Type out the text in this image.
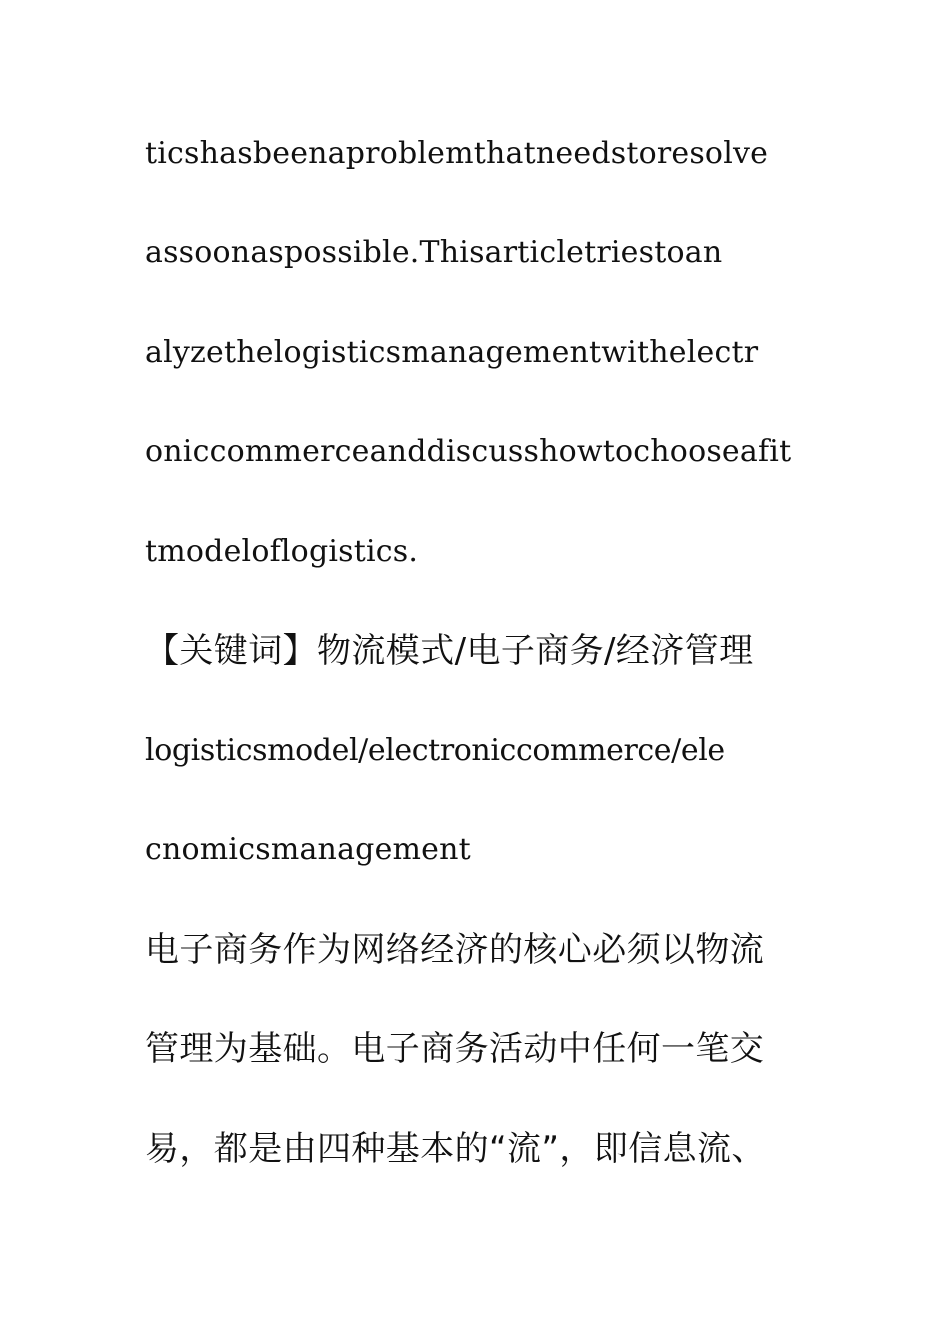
ticshasbeenaproblemthatneedstoresolve

assoonaspossible.Thisarticletriestoan

alyzethelogisticsmanagementwithelectr

oniccommerceanddiscusshowtochooseafit

tmodeloflogistics.

【关键词】物流模式/电子商务/经济管理

logisticsmodel/electroniccommerce/ele

cnomicsmanagement

电子商务作为网络经济的核心必须以物流

管理为基础。电子商务活动中任何一笔交

易，都是由四种基本的“流”，即信息流、
